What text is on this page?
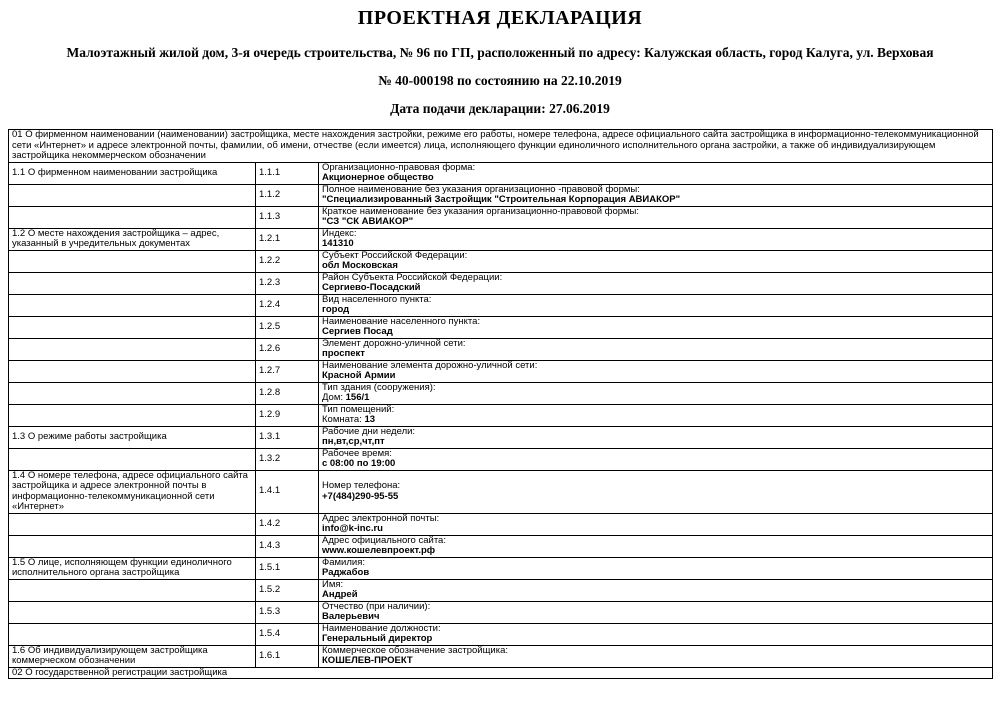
ПРОЕКТНАЯ ДЕКЛАРАЦИЯ
Малоэтажный жилой дом, 3-я очередь строительства, № 96 по ГП, расположенный по адресу: Калужская область, город Калуга, ул. Верховая
№ 40-000198 по состоянию на 22.10.2019
Дата подачи декларации: 27.06.2019
01 О фирменном наименовании (наименовании) застройщика, месте нахождения застройки, режиме его работы, номере телефона, адресе официального сайта застройщика в информационно-телекоммуникационной сети «Интернет» и адресе электронной почты, фамилии, об имени, отчестве (если имеется) лица, исполняющего функции единоличного исполнительного органа застройки, а также об индивидуализирующем застройщика некоммерческом обозначении		
1.1 О фирменном наименовании застройщика	1.1.1	Организационно-правовая форма:
Акционерное общество

	1.1.2	Полное наименование без указания организационно -правовой формы:
"Специализированный Застройщик "Строительная Корпорация АВИАКОР"

	1.1.3	Краткое наименование без указания организационно-правовой формы:
"СЗ "СК АВИАКОР"

1.2 О месте нахождения застройщика – адрес, указанный в учредительных документах	1.2.1	Индекс:
141310

	1.2.2	Субъект Российской Федерации:
обл Московская

	1.2.3	Район Субъекта Российской Федерации:
Сергиево-Посадский

	1.2.4	Вид населенного пункта:
город

	1.2.5	Наименование населенного пункта:
Сергиев Посад

	1.2.6	Элемент дорожно-уличной сети:
проспект

	1.2.7	Наименование элемента дорожно-уличной сети:
Красной Армии

	1.2.8	Тип здания (сооружения):
Дом: 156/1

	1.2.9	Тип помещений:
Комната: 13

1.3 О режиме работы застройщика	1.3.1	Рабочие дни недели:
пн,вт,ср,чт,пт

	1.3.2	Рабочее время:
с 08:00 по 19:00

1.4 О номере телефона, адресе официального сайта застройщика и адресе электронной почты в информационно-телекоммуникационной сети «Интернет»	1.4.1	Номер телефона:
+7(484)290-95-55

	1.4.2	Адрес электронной почты:
info@k-inc.ru

	1.4.3	Адрес официального сайта:
www.кошелевпроект.рф

1.5 О лице, исполняющем функции единоличного исполнительного органа застройщика	1.5.1	Фамилия:
Раджабов

	1.5.2	Имя:
Андрей

	1.5.3	Отчество (при наличии):
Валерьевич

	1.5.4	Наименование должности:
Генеральный директор

1.6 Об индивидуализирующем застройщика коммерческом обозначении	1.6.1	Коммерческое обозначение застройщика:
КОШЕЛЕВ-ПРОЕКТ

02 О государственной регистрации застройщика		
